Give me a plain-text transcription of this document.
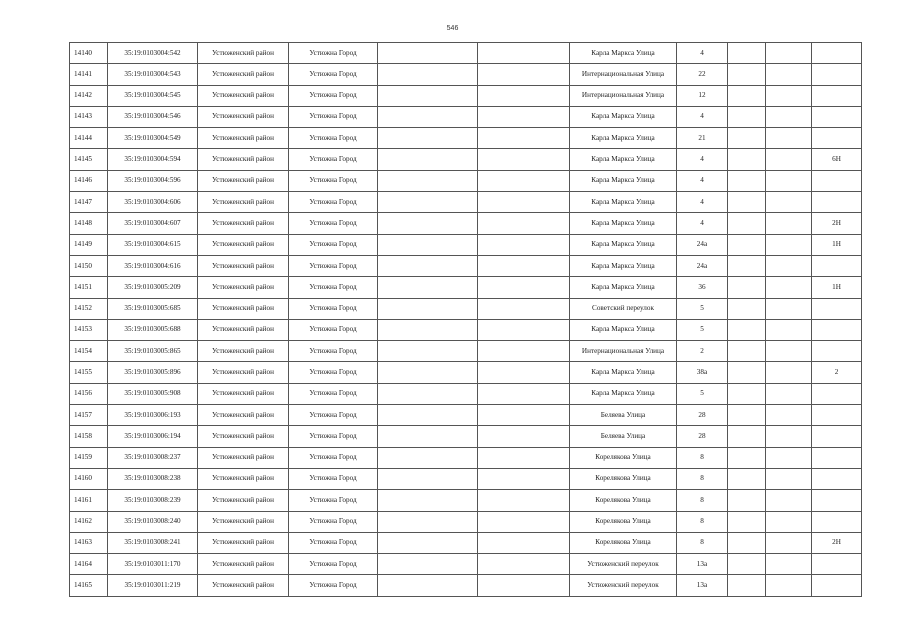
546
14140	35:19:0103004:542	Устюженский район	Устюжна Город			Карла Маркса Улица	4			
14141	35:19:0103004:543	Устюженский район	Устюжна Город			Интернациональная Улица	22			
14142	35:19:0103004:545	Устюженский район	Устюжна Город			Интернациональная Улица	12			
14143	35:19:0103004:546	Устюженский район	Устюжна Город			Карла Маркса Улица	4			
14144	35:19:0103004:549	Устюженский район	Устюжна Город			Карла Маркса Улица	21			
14145	35:19:0103004:594	Устюженский район	Устюжна Город			Карла Маркса Улица	4			6Н
14146	35:19:0103004:596	Устюженский район	Устюжна Город			Карла Маркса Улица	4			
14147	35:19:0103004:606	Устюженский район	Устюжна Город			Карла Маркса Улица	4			
14148	35:19:0103004:607	Устюженский район	Устюжна Город			Карла Маркса Улица	4			2Н
14149	35:19:0103004:615	Устюженский район	Устюжна Город			Карла Маркса Улица	24а			1Н
14150	35:19:0103004:616	Устюженский район	Устюжна Город			Карла Маркса Улица	24а			
14151	35:19:0103005:209	Устюженский район	Устюжна Город			Карла Маркса Улица	36			1Н
14152	35:19:0103005:685	Устюженский район	Устюжна Город			Советский переулок	5			
14153	35:19:0103005:688	Устюженский район	Устюжна Город			Карла Маркса Улица	5			
14154	35:19:0103005:865	Устюженский район	Устюжна Город			Интернациональная Улица	2			
14155	35:19:0103005:896	Устюженский район	Устюжна Город			Карла Маркса Улица	38а			2
14156	35:19:0103005:908	Устюженский район	Устюжна Город			Карла Маркса Улица	5			
14157	35:19:0103006:193	Устюженский район	Устюжна Город			Беляева Улица	28			
14158	35:19:0103006:194	Устюженский район	Устюжна Город			Беляева Улица	28			
14159	35:19:0103008:237	Устюженский район	Устюжна Город			Корелякова Улица	8			
14160	35:19:0103008:238	Устюженский район	Устюжна Город			Корелякова Улица	8			
14161	35:19:0103008:239	Устюженский район	Устюжна Город			Корелякова Улица	8			
14162	35:19:0103008:240	Устюженский район	Устюжна Город			Корелякова Улица	8			
14163	35:19:0103008:241	Устюженский район	Устюжна Город			Корелякова Улица	8			2Н
14164	35:19:0103011:170	Устюженский район	Устюжна Город			Устюженский переулок	13а			
14165	35:19:0103011:219	Устюженский район	Устюжна Город			Устюженский переулок	13а			
